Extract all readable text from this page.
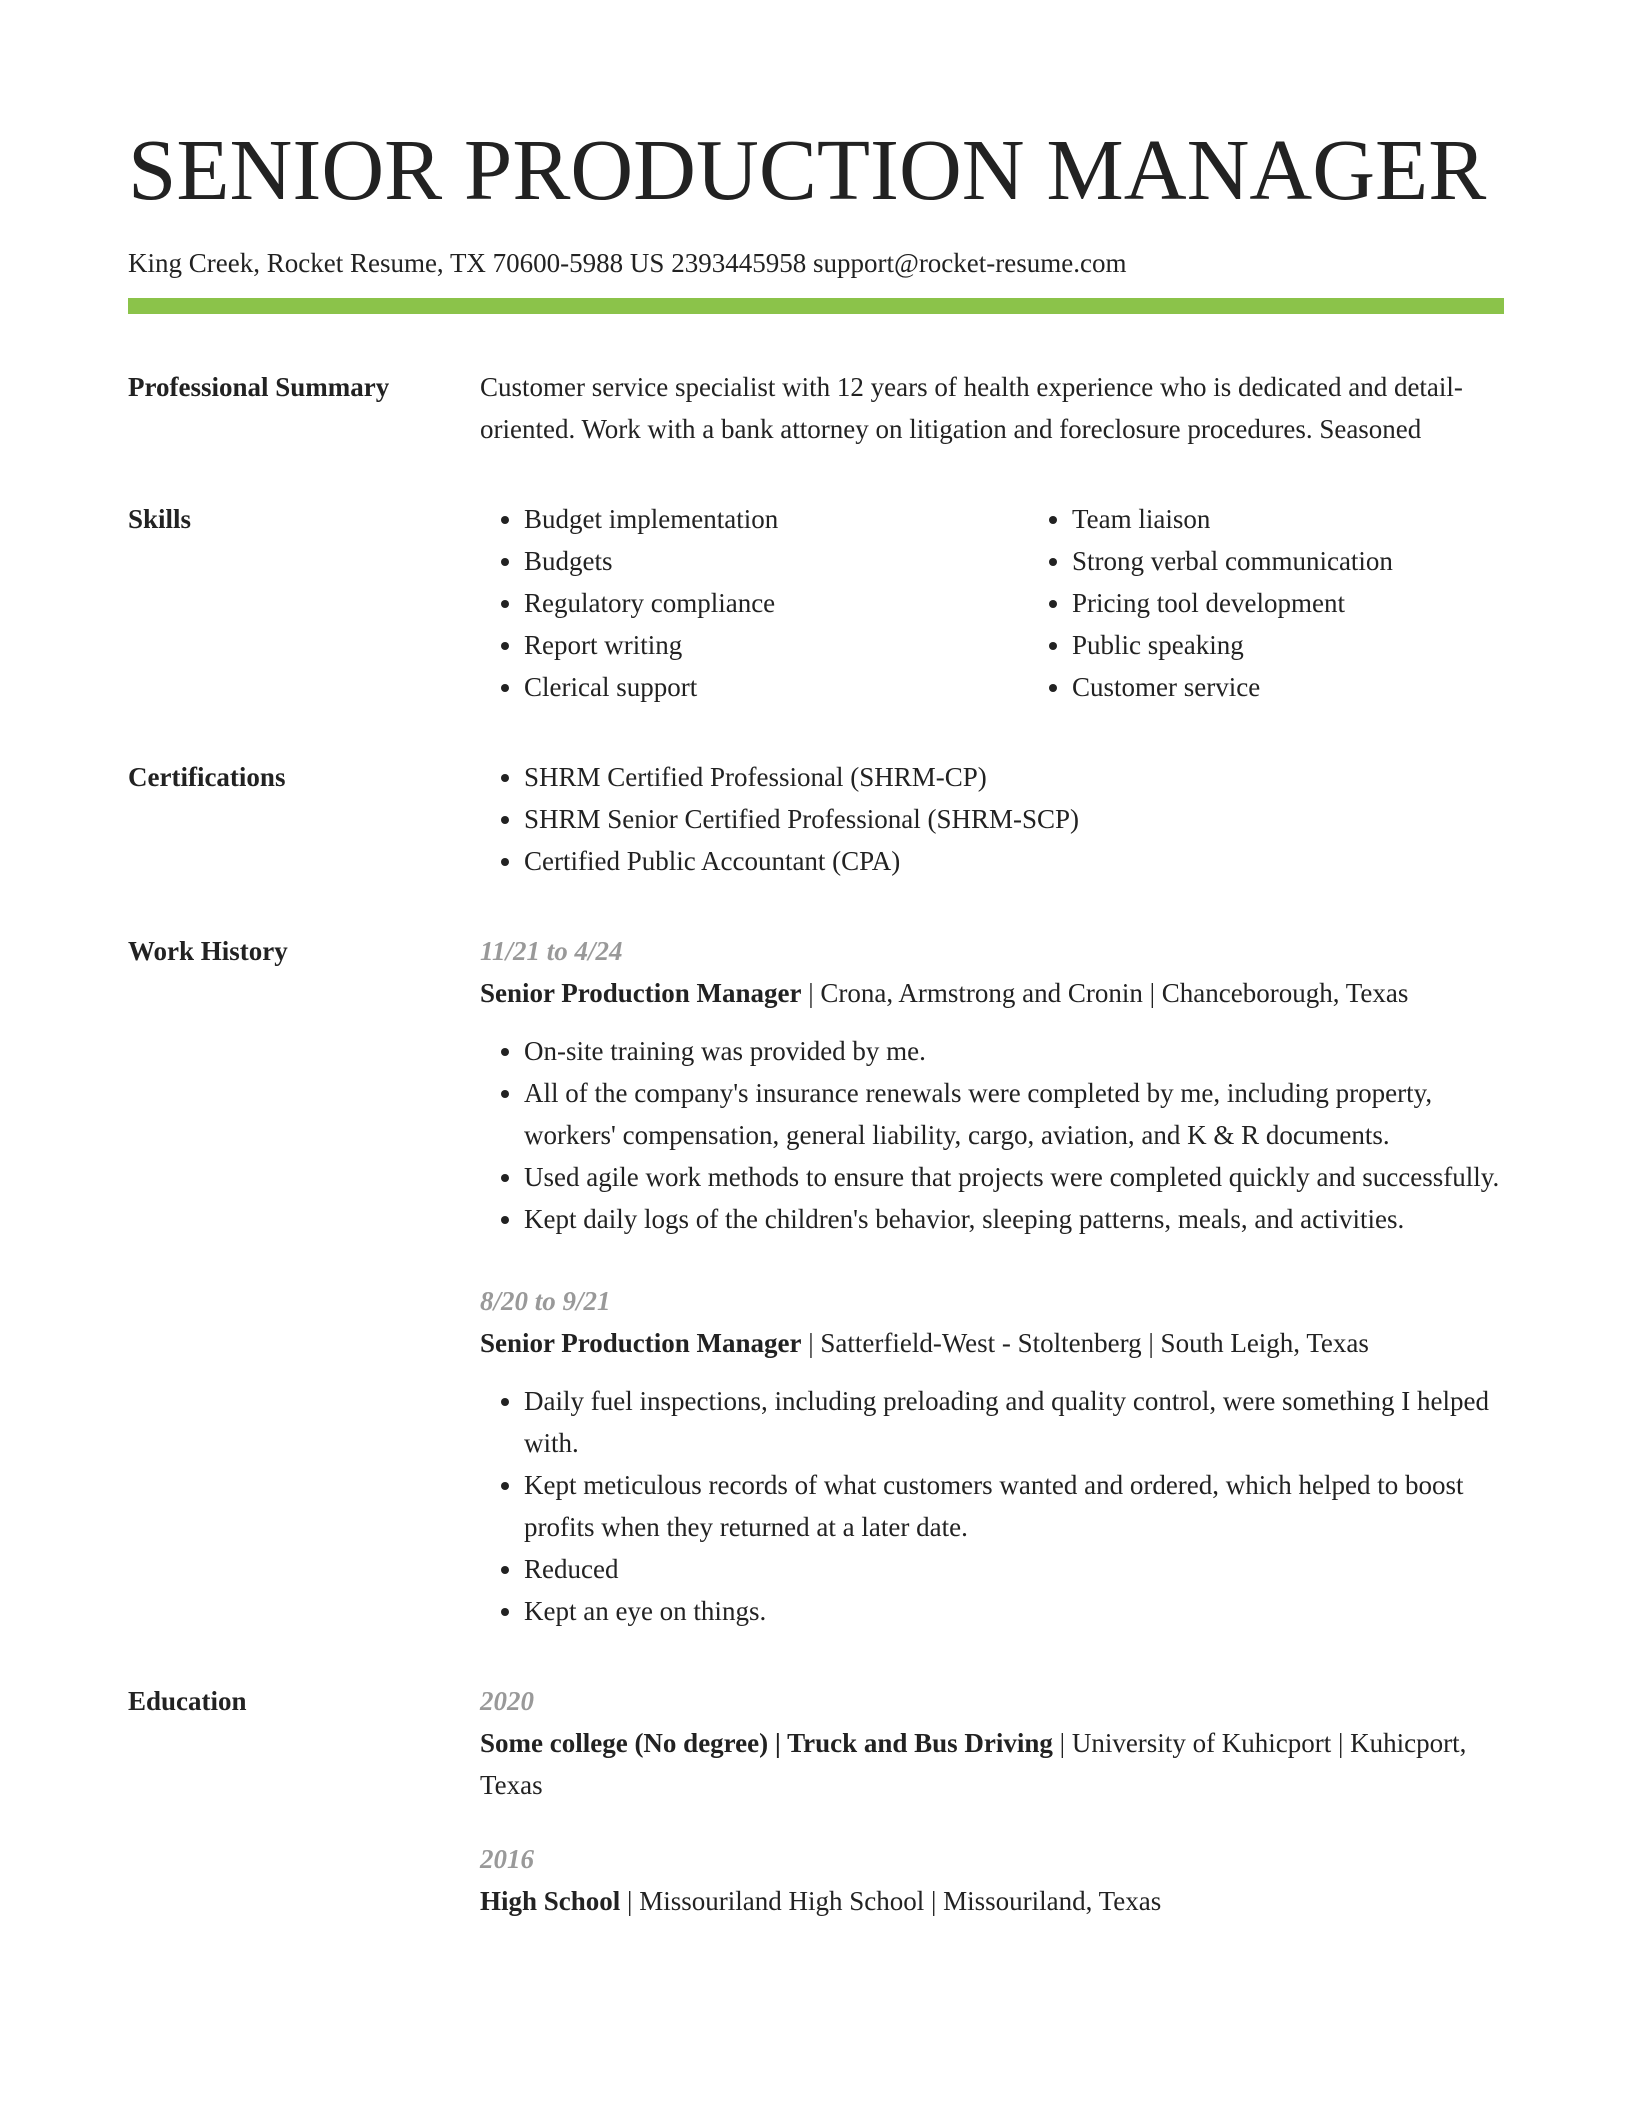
SENIOR PRODUCTION MANAGER
King Creek, Rocket Resume, TX 70600-5988 US 2393445958 support@rocket-resume.com
Professional Summary	Customer service specialist with 12 years of health experience who is dedicated and detail-oriented. Work with a bank attorney on litigation and foreclosure procedures. Seasoned

Skills	• Budget implementation
• Budgets
• Regulatory compliance
• Report writing
• Clerical support
• Team liaison
• Strong verbal communication
• Pricing tool development
• Public speaking
• Customer service
Certifications	• SHRM Certified Professional (SHRM-CP)
• SHRM Senior Certified Professional (SHRM-SCP)
• Certified Public Accountant (CPA)
Work History	11/21 to 4/24
Senior Production Manager | Crona, Armstrong and Cronin | Chanceborough, Texas
• On-site training was provided by me.
• All of the company's insurance renewals were completed by me, including property, workers' compensation, general liability, cargo, aviation, and K & R documents.
• Used agile work methods to ensure that projects were completed quickly and successfully.
• Kept daily logs of the children's behavior, sleeping patterns, meals, and activities.
8/20 to 9/21
Senior Production Manager | Satterfield-West - Stoltenberg | South Leigh, Texas
• Daily fuel inspections, including preloading and quality control, were something I helped with.
• Kept meticulous records of what customers wanted and ordered, which helped to boost profits when they returned at a later date.
• Reduced
• Kept an eye on things.
Education	2020
Some college (No degree) | Truck and Bus Driving | University of Kuhicport | Kuhicport, Texas
2016
High School | Missouriland High School | Missouriland, Texas
